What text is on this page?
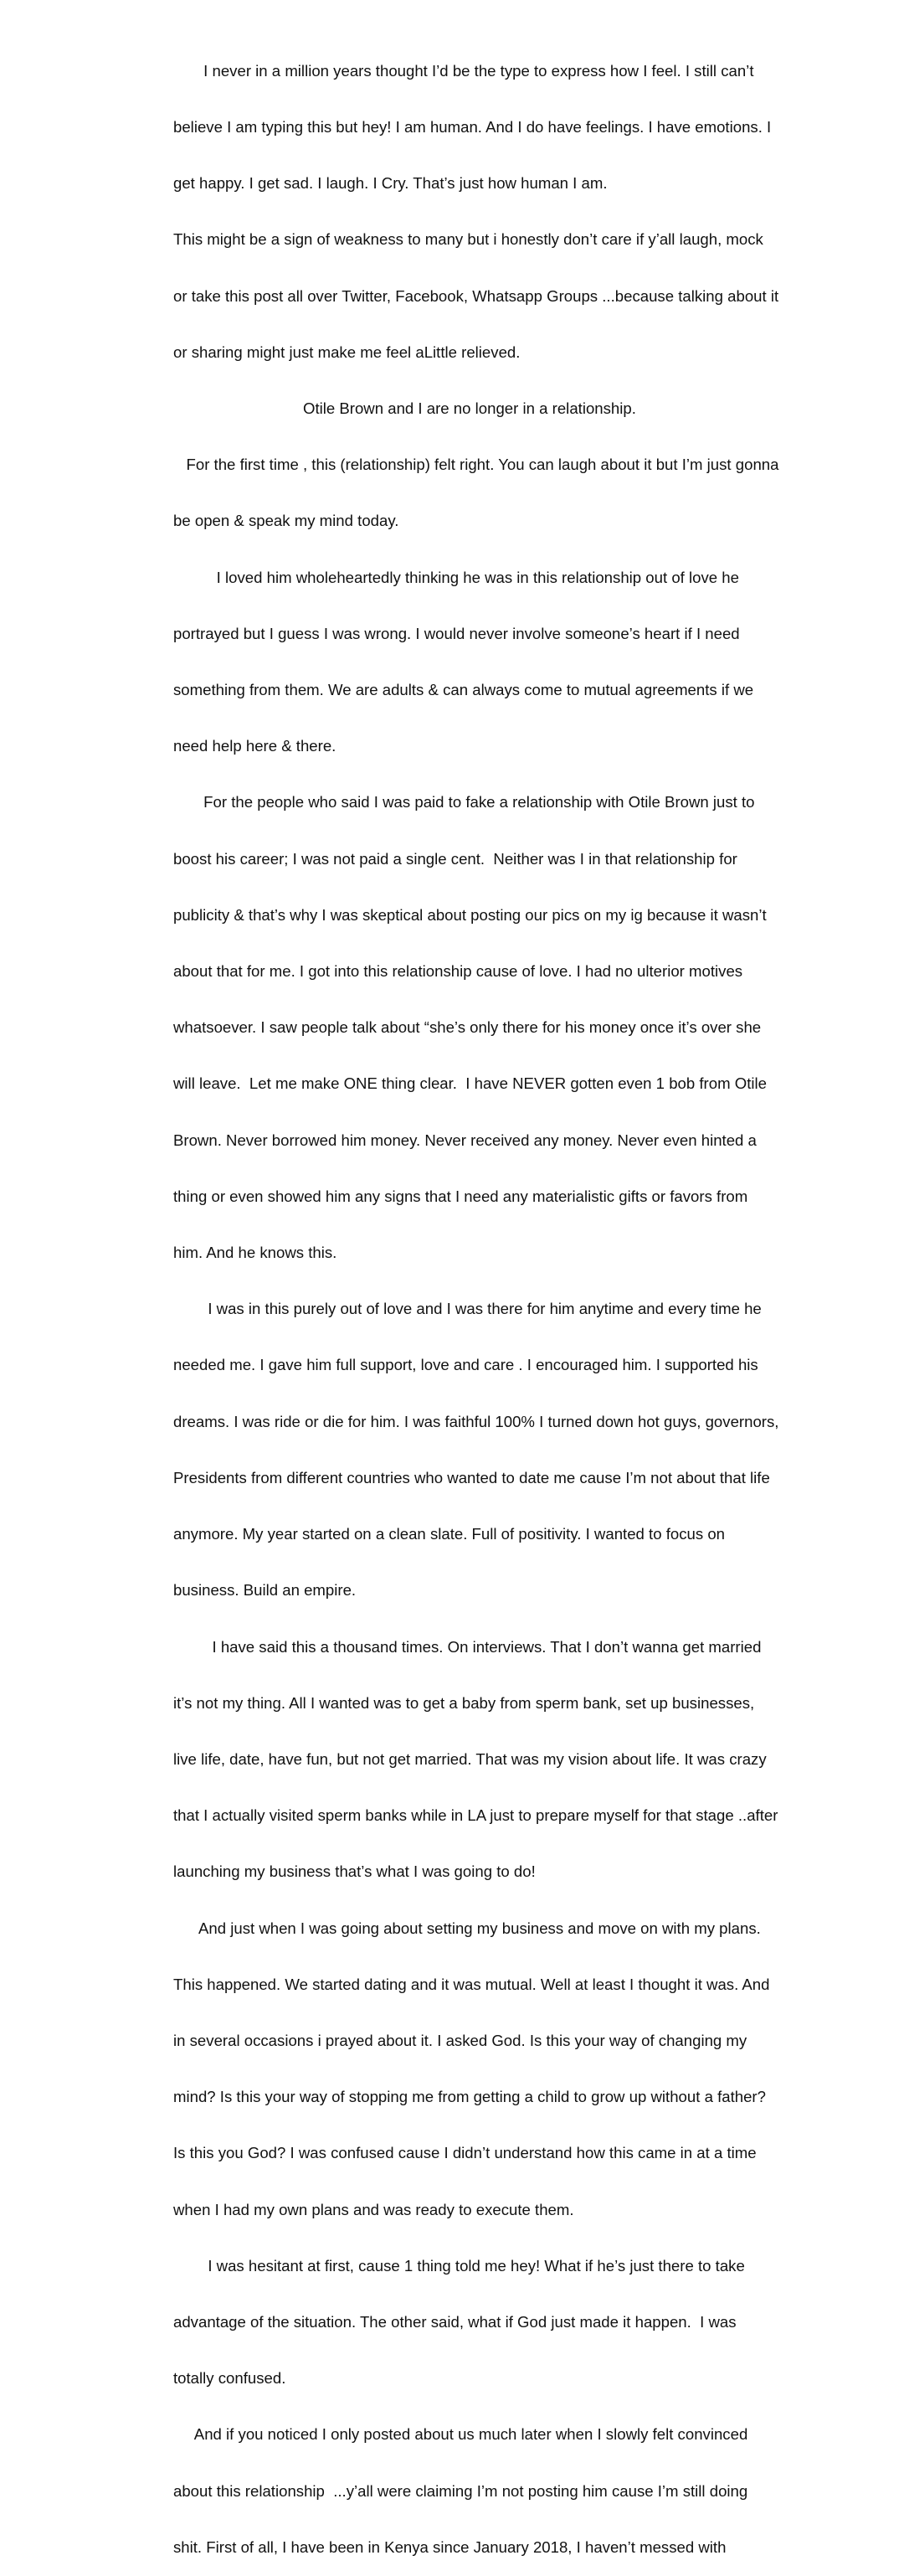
I never in a million years thought I’d be the type to express how I feel. I still can’t

believe I am typing this but hey! I am human. And I do have feelings. I have emotions. I

get happy. I get sad. I laugh. I Cry. That’s just how human I am.

This might be a sign of weakness to many but i honestly don’t care if y’all laugh, mock

or take this post all over Twitter, Facebook, Whatsapp Groups ...because talking about it

or sharing might just make me feel aLittle relieved.

Otile Brown and I are no longer in a relationship.

For the first time , this (relationship) felt right. You can laugh about it but I’m just gonna

be open & speak my mind today.

I loved him wholeheartedly thinking he was in this relationship out of love he

portrayed but I guess I was wrong. I would never involve someone’s heart if I need

something from them. We are adults & can always come to mutual agreements if we

need help here & there.

For the people who said I was paid to fake a relationship with Otile Brown just to

boost his career; I was not paid a single cent.  Neither was I in that relationship for

publicity & that’s why I was skeptical about posting our pics on my ig because it wasn’t

about that for me. I got into this relationship cause of love. I had no ulterior motives

whatsoever. I saw people talk about “she’s only there for his money once it’s over she

will leave.  Let me make ONE thing clear.  I have NEVER gotten even 1 bob from Otile

Brown. Never borrowed him money. Never received any money. Never even hinted a

thing or even showed him any signs that I need any materialistic gifts or favors from

him. And he knows this.

I was in this purely out of love and I was there for him anytime and every time he

needed me. I gave him full support, love and care . I encouraged him. I supported his

dreams. I was ride or die for him. I was faithful 100% I turned down hot guys, governors,

Presidents from different countries who wanted to date me cause I’m not about that life

anymore. My year started on a clean slate. Full of positivity. I wanted to focus on

business. Build an empire.

I have said this a thousand times. On interviews. That I don’t wanna get married

it’s not my thing. All I wanted was to get a baby from sperm bank, set up businesses,

live life, date, have fun, but not get married. That was my vision about life. It was crazy

that I actually visited sperm banks while in LA just to prepare myself for that stage ..after

launching my business that’s what I was going to do!

And just when I was going about setting my business and move on with my plans.

This happened. We started dating and it was mutual. Well at least I thought it was. And

in several occasions i prayed about it. I asked God. Is this your way of changing my

mind? Is this your way of stopping me from getting a child to grow up without a father?

Is this you God? I was confused cause I didn’t understand how this came in at a time

when I had my own plans and was ready to execute them.

I was hesitant at first, cause 1 thing told me hey! What if he’s just there to take

advantage of the situation. The other said, what if God just made it happen.  I was

totally confused.

And if you noticed I only posted about us much later when I slowly felt convinced

about this relationship  ...y’all were claiming I’m not posting him cause I’m still doing

shit. First of all, I have been in Kenya since January 2018, I haven’t messed with
